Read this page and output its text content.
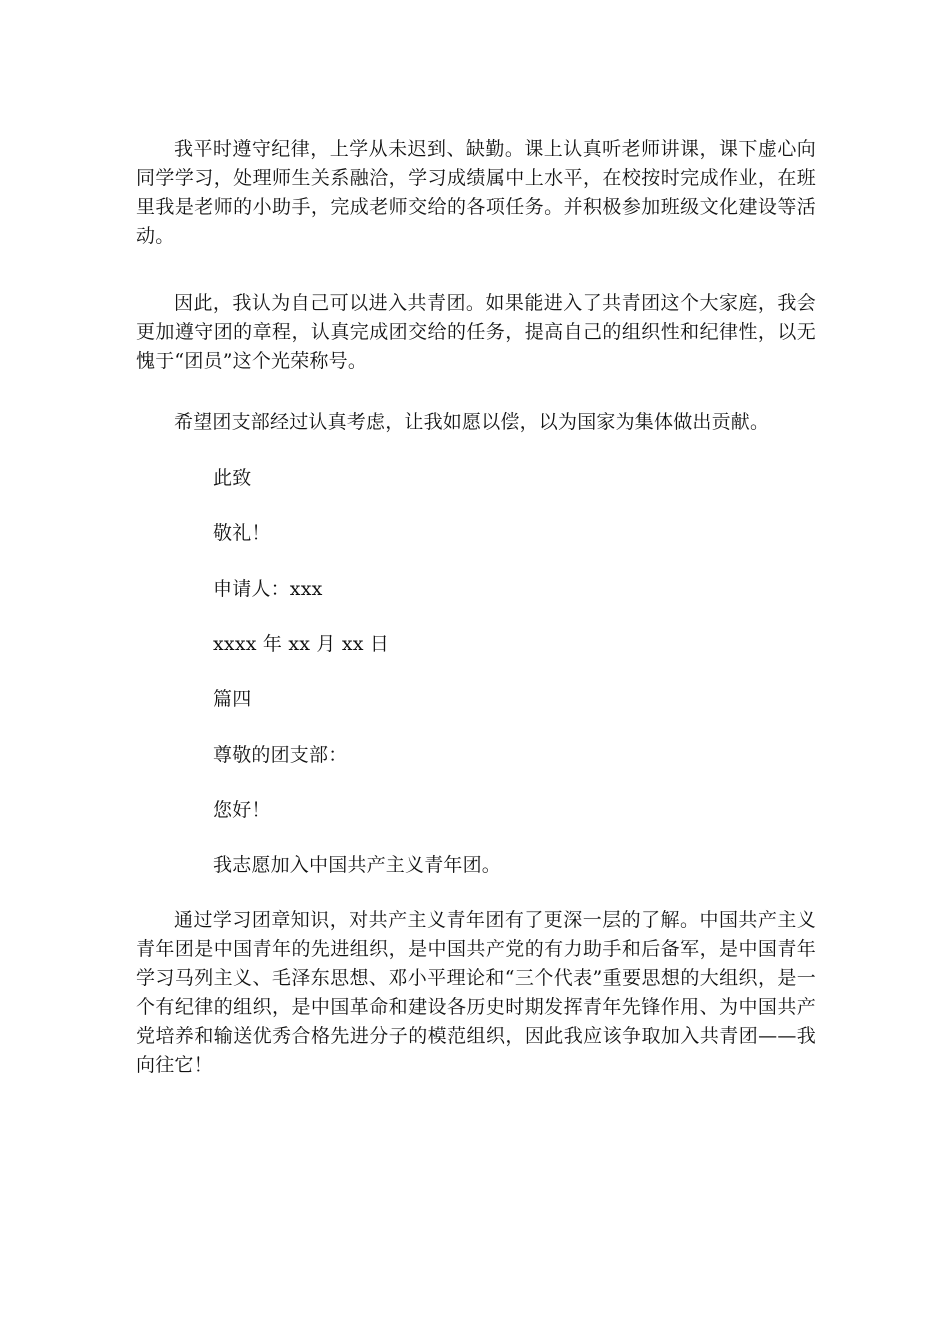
我平时遵守纪律，上学从未迟到、缺勤。课上认真听老师讲课，课下虚心向同学学习，处理师生关系融洽，学习成绩属中上水平，在校按时完成作业，在班里我是老师的小助手，完成老师交给的各项任务。并积极参加班级文化建设等活动。

因此，我认为自己可以进入共青团。如果能进入了共青团这个大家庭，我会更加遵守团的章程，认真完成团交给的任务，提高自己的组织性和纪律性，以无愧于“团员”这个光荣称号。

希望团支部经过认真考虑，让我如愿以偿，以为国家为集体做出贡献。

此致

敬礼！

申请人：xxx

xxxx 年 xx 月 xx 日

篇四

尊敬的团支部：

您好！

我志愿加入中国共产主义青年团。

通过学习团章知识，对共产主义青年团有了更深一层的了解。中国共产主义青年团是中国青年的先进组织，是中国共产党的有力助手和后备军，是中国青年学习马列主义、毛泽东思想、邓小平理论和“三个代表”重要思想的大组织，是一个有纪律的组织，是中国革命和建设各历史时期发挥青年先锋作用、为中国共产党培养和输送优秀合格先进分子的模范组织，因此我应该争取加入共青团——我向往它！
